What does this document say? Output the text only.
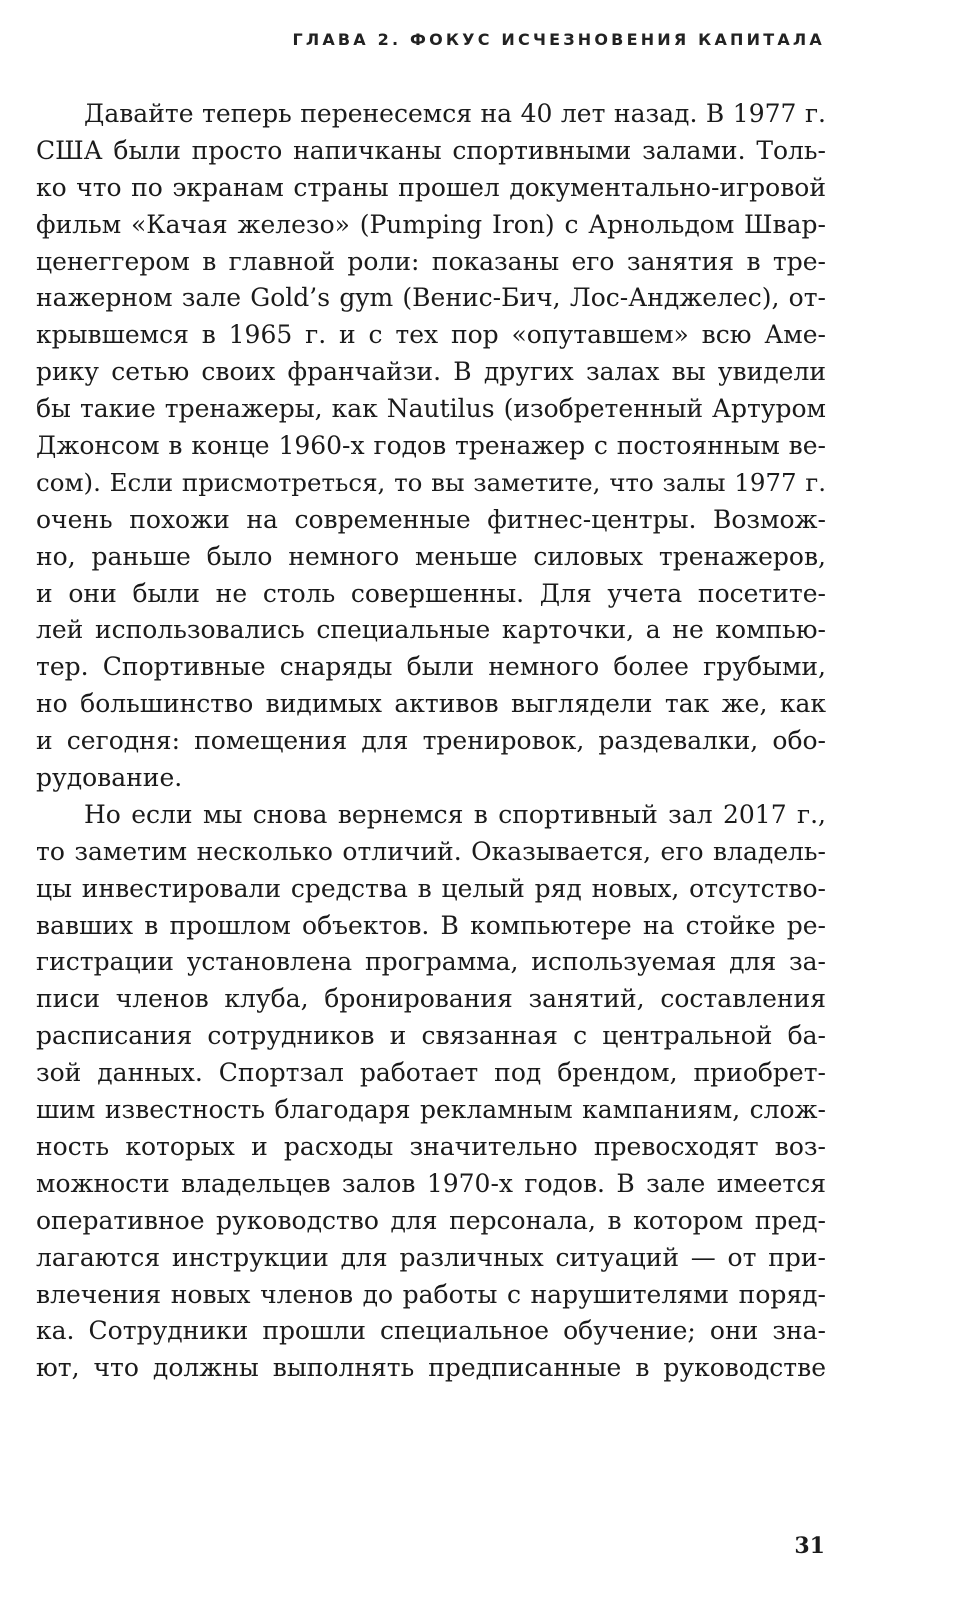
ГЛАВА 2. ФОКУС ИСЧЕЗНОВЕНИЯ КАПИТАЛА
Давайте теперь перенесемся на 40 лет назад. В 1977 г.
США были просто напичканы спортивными залами. Толь-
ко что по экранам страны прошел документально-игровой
фильм «Качая железо» (Pumping Iron) с Арнольдом Швар-
ценеггером в главной роли: показаны его занятия в тре-
нажерном зале Gold’s gym (Венис-Бич, Лос-Анджелес), от-
крывшемся в 1965 г. и с тех пор «опутавшем» всю Аме-
рику сетью своих франчайзи. В других залах вы увидели
бы такие тренажеры, как Nautilus (изобретенный Артуром
Джонсом в конце 1960-х годов тренажер с постоянным ве-
сом). Если присмотреться, то вы заметите, что залы 1977 г.
очень похожи на современные фитнес-центры. Возмож-
но, раньше было немного меньше силовых тренажеров,
и они были не столь совершенны. Для учета посетите-
лей использовались специальные карточки, а не компью-
тер. Спортивные снаряды были немного более грубыми,
но большинство видимых активов выглядели так же, как
и сегодня: помещения для тренировок, раздевалки, обо-
рудование.
Но если мы снова вернемся в спортивный зал 2017 г.,
то заметим несколько отличий. Оказывается, его владель-
цы инвестировали средства в целый ряд новых, отсутство-
вавших в прошлом объектов. В компьютере на стойке ре-
гистрации установлена программа, используемая для за-
писи членов клуба, бронирования занятий, составления
расписания сотрудников и связанная с центральной ба-
зой данных. Спортзал работает под брендом, приобрет-
шим известность благодаря рекламным кампаниям, слож-
ность которых и расходы значительно превосходят воз-
можности владельцев залов 1970-х годов. В зале имеется
оперативное руководство для персонала, в котором пред-
лагаются инструкции для различных ситуаций — от при-
влечения новых членов до работы с нарушителями поряд-
ка. Сотрудники прошли специальное обучение; они зна-
ют, что должны выполнять предписанные в руководстве
31
